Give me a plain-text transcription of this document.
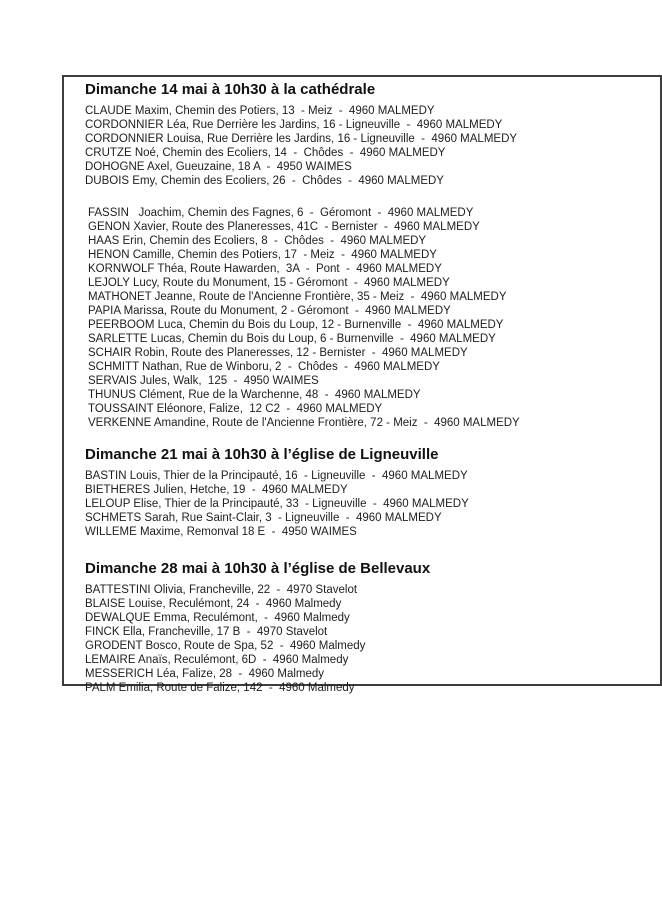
Dimanche 14 mai à 10h30 à la cathédrale
CLAUDE Maxim, Chemin des Potiers, 13  - Meiz  -  4960 MALMEDY
CORDONNIER Léa, Rue Derrière les Jardins, 16 - Ligneuville  -  4960 MALMEDY
CORDONNIER Louisa, Rue Derrière les Jardins, 16 - Ligneuville  -  4960 MALMEDY
CRUTZE Noé, Chemin des Ecoliers, 14  -  Chôdes  -  4960 MALMEDY
DOHOGNE Axel, Gueuzaine, 18 A  -  4950 WAIMES
DUBOIS Emy, Chemin des Ecoliers, 26  -  Chôdes  -  4960 MALMEDY
FASSIN   Joachim, Chemin des Fagnes, 6  -  Géromont  -  4960 MALMEDY
GENON Xavier, Route des Planeresses, 41C  - Bernister  -  4960 MALMEDY
HAAS Erin, Chemin des Ecoliers, 8  -  Chôdes  -  4960 MALMEDY
HENON Camille, Chemin des Potiers, 17  - Meiz  -  4960 MALMEDY
KORNWOLF Théa, Route Hawarden,  3A  -  Pont  -  4960 MALMEDY
LEJOLY Lucy, Route du Monument, 15 - Géromont  -  4960 MALMEDY
MATHONET Jeanne, Route de l'Ancienne Frontière, 35 - Meiz  -  4960 MALMEDY
PAPIA Marissa, Route du Monument, 2 - Géromont  -  4960 MALMEDY
PEERBOOM Luca, Chemin du Bois du Loup, 12 - Burnenville  -  4960 MALMEDY
SARLETTE Lucas, Chemin du Bois du Loup, 6 - Burnenville  -  4960 MALMEDY
SCHAIR Robin, Route des Planeresses, 12 - Bernister  -  4960 MALMEDY
SCHMITT Nathan, Rue de Winboru, 2  -  Chôdes  -  4960 MALMEDY
SERVAIS Jules, Walk,  125  -  4950 WAIMES
THUNUS Clément, Rue de la Warchenne, 48  -  4960 MALMEDY
TOUSSAINT Eléonore, Falize,  12 C2  -  4960 MALMEDY
VERKENNE Amandine, Route de l'Ancienne Frontière, 72 - Meiz  -  4960 MALMEDY
Dimanche 21 mai à 10h30 à l’église de Ligneuville
BASTIN Louis, Thier de la Principauté, 16  - Ligneuville  -  4960 MALMEDY
BIETHERES Julien, Hetche, 19  -  4960 MALMEDY
LELOUP Elise, Thier de la Principauté, 33  - Ligneuville  -  4960 MALMEDY
SCHMETS Sarah, Rue Saint-Clair, 3  - Ligneuville  -  4960 MALMEDY
WILLEME Maxime, Remonval 18 E  -  4950 WAIMES
Dimanche 28 mai à 10h30 à l’église de Bellevaux
BATTESTINI Olivia, Francheville, 22  -  4970 Stavelot
BLAISE Louise, Reculémont, 24  -  4960 Malmedy
DEWALQUE Emma, Reculémont,  -  4960 Malmedy
FINCK Ella, Francheville, 17 B  -  4970 Stavelot
GRODENT Bosco, Route de Spa, 52  -  4960 Malmedy
LEMAIRE Anaïs, Reculémont, 6D  -  4960 Malmedy
MESSERICH Léa, Falize, 28  -  4960 Malmedy
PALM Emilia, Route de Falize, 142  -  4960 Malmedy
